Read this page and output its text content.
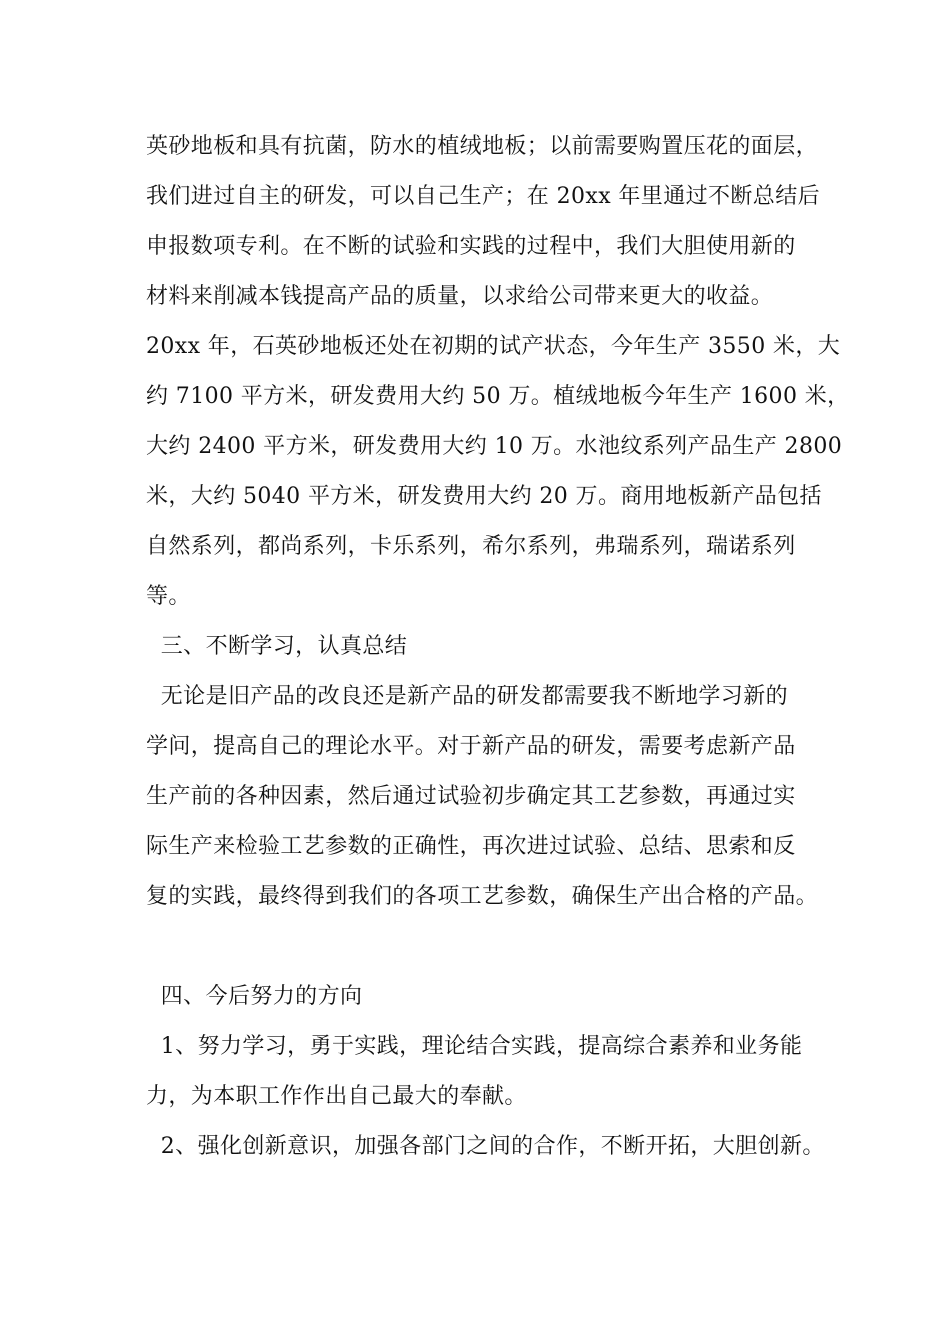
英砂地板和具有抗菌，防水的植绒地板；以前需要购置压花的面层，
我们进过自主的研发，可以自己生产；在 20xx 年里通过不断总结后
申报数项专利。在不断的试验和实践的过程中，我们大胆使用新的
材料来削减本钱提高产品的质量，以求给公司带来更大的收益。
20xx 年，石英砂地板还处在初期的试产状态，今年生产 3550 米，大
约 7100 平方米，研发费用大约 50 万。植绒地板今年生产 1600 米，
大约 2400 平方米，研发费用大约 10 万。水池纹系列产品生产 2800
米，大约 5040 平方米，研发费用大约 20 万。商用地板新产品包括
自然系列，都尚系列，卡乐系列，希尔系列，弗瑞系列，瑞诺系列
等。
三、不断学习，认真总结
无论是旧产品的改良还是新产品的研发都需要我不断地学习新的
学问，提高自己的理论水平。对于新产品的研发，需要考虑新产品
生产前的各种因素，然后通过试验初步确定其工艺参数，再通过实
际生产来检验工艺参数的正确性，再次进过试验、总结、思索和反
复的实践，最终得到我们的各项工艺参数，确保生产出合格的产品。
四、今后努力的方向
1、努力学习，勇于实践，理论结合实践，提高综合素养和业务能
力，为本职工作作出自己最大的奉献。
2、强化创新意识，加强各部门之间的合作，不断开拓，大胆创新。
